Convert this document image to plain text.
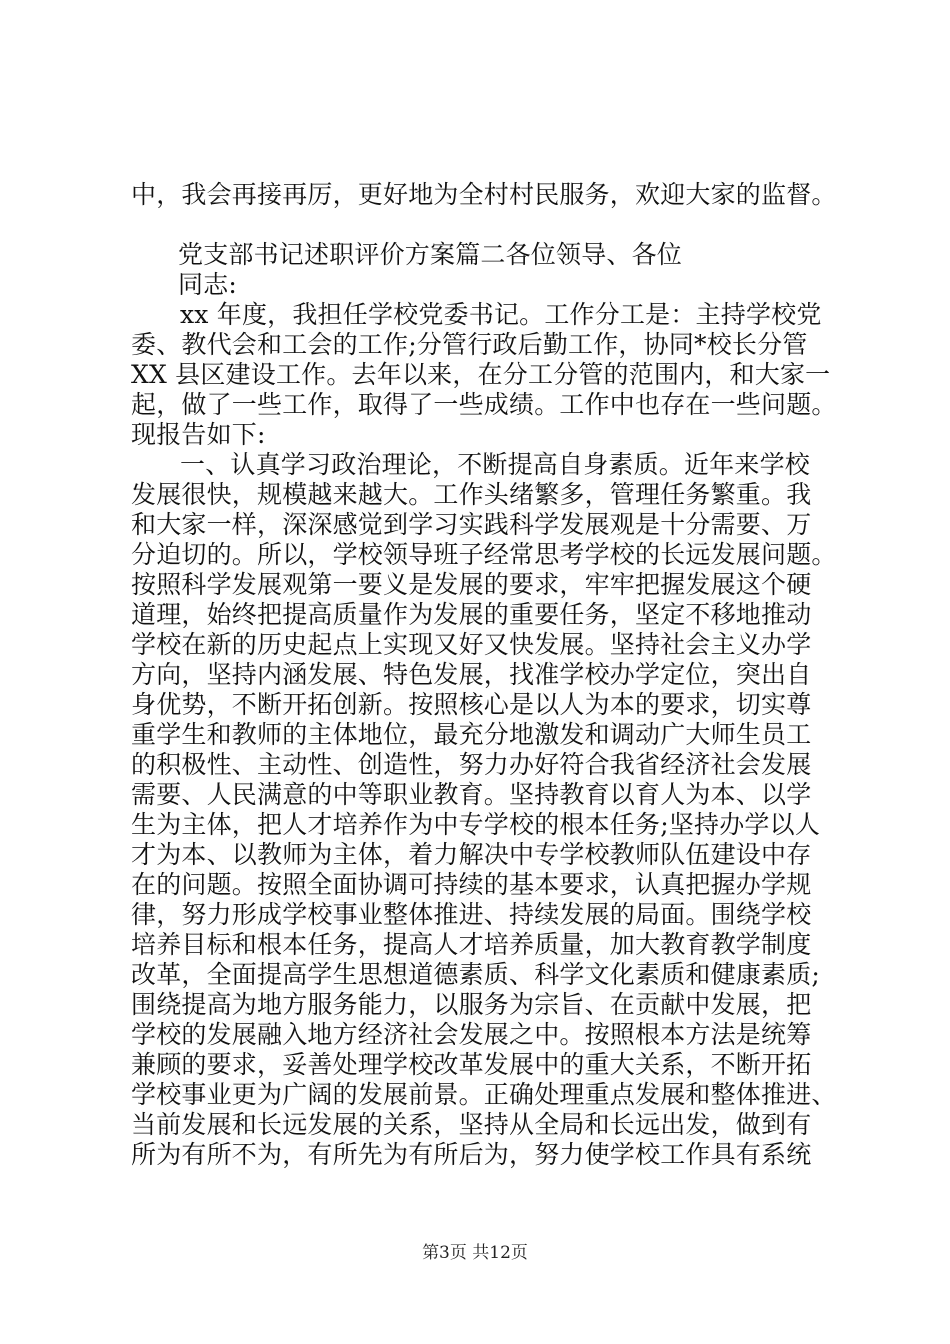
中，我会再接再厉，更好地为全村村民服务，欢迎大家的监督。
党支部书记述职评价方案篇二各位领导、各位
同志:
xx 年度，我担任学校党委书记。工作分工是：主持学校党
委、教代会和工会的工作;分管行政后勤工作，协同*校长分管
XX 县区建设工作。去年以来，在分工分管的范围内，和大家一
起，做了一些工作，取得了一些成绩。工作中也存在一些问题。
现报告如下:
一、认真学习政治理论，不断提高自身素质。近年来学校
发展很快，规模越来越大。工作头绪繁多，管理任务繁重。我
和大家一样，深深感觉到学习实践科学发展观是十分需要、万
分迫切的。所以，学校领导班子经常思考学校的长远发展问题。
按照科学发展观第一要义是发展的要求，牢牢把握发展这个硬
道理，始终把提高质量作为发展的重要任务，坚定不移地推动
学校在新的历史起点上实现又好又快发展。坚持社会主义办学
方向，坚持内涵发展、特色发展，找准学校办学定位，突出自
身优势，不断开拓创新。按照核心是以人为本的要求，切实尊
重学生和教师的主体地位，最充分地激发和调动广大师生员工
的积极性、主动性、创造性，努力办好符合我省经济社会发展
需要、人民满意的中等职业教育。坚持教育以育人为本、以学
生为主体，把人才培养作为中专学校的根本任务;坚持办学以人
才为本、以教师为主体，着力解决中专学校教师队伍建设中存
在的问题。按照全面协调可持续的基本要求，认真把握办学规
律，努力形成学校事业整体推进、持续发展的局面。围绕学校
培养目标和根本任务，提高人才培养质量，加大教育教学制度
改革，全面提高学生思想道德素质、科学文化素质和健康素质;
围绕提高为地方服务能力，以服务为宗旨、在贡献中发展，把
学校的发展融入地方经济社会发展之中。按照根本方法是统筹
兼顾的要求，妥善处理学校改革发展中的重大关系，不断开拓
学校事业更为广阔的发展前景。正确处理重点发展和整体推进、
当前发展和长远发展的关系，坚持从全局和长远出发，做到有
所为有所不为，有所先为有所后为，努力使学校工作具有系统
第3页 共12页
